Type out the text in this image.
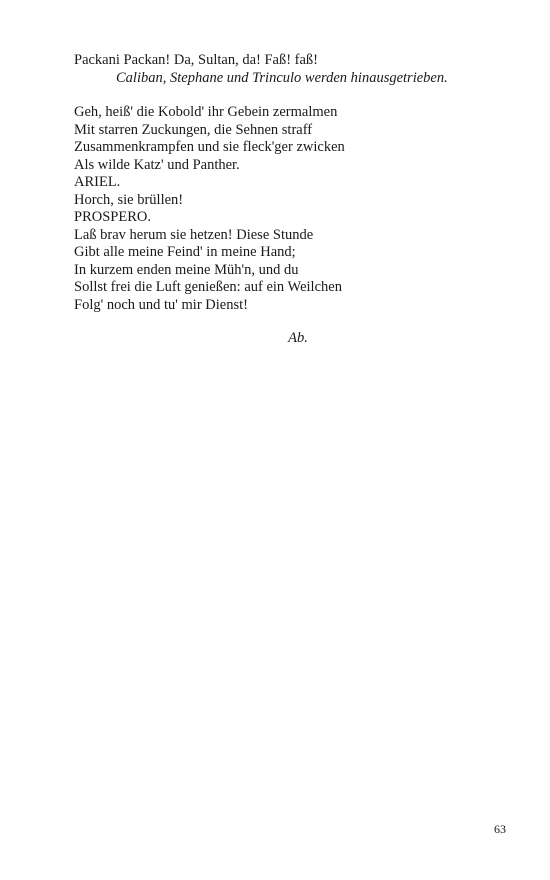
Packani Packan! Da, Sultan, da! Faß! faß!
Caliban, Stephane und Trinculo werden hinausgetrieben.
Geh, heiß' die Kobold' ihr Gebein zermalmen
Mit starren Zuckungen, die Sehnen straff
Zusammenkrampfen und sie fleck'ger zwicken
Als wilde Katz' und Panther.
ARIEL.
Horch, sie brüllen!
PROSPERO.
Laß brav herum sie hetzen! Diese Stunde
Gibt alle meine Feind' in meine Hand;
In kurzem enden meine Müh'n, und du
Sollst frei die Luft genießen: auf ein Weilchen
Folg' noch und tu' mir Dienst!
Ab.
63
